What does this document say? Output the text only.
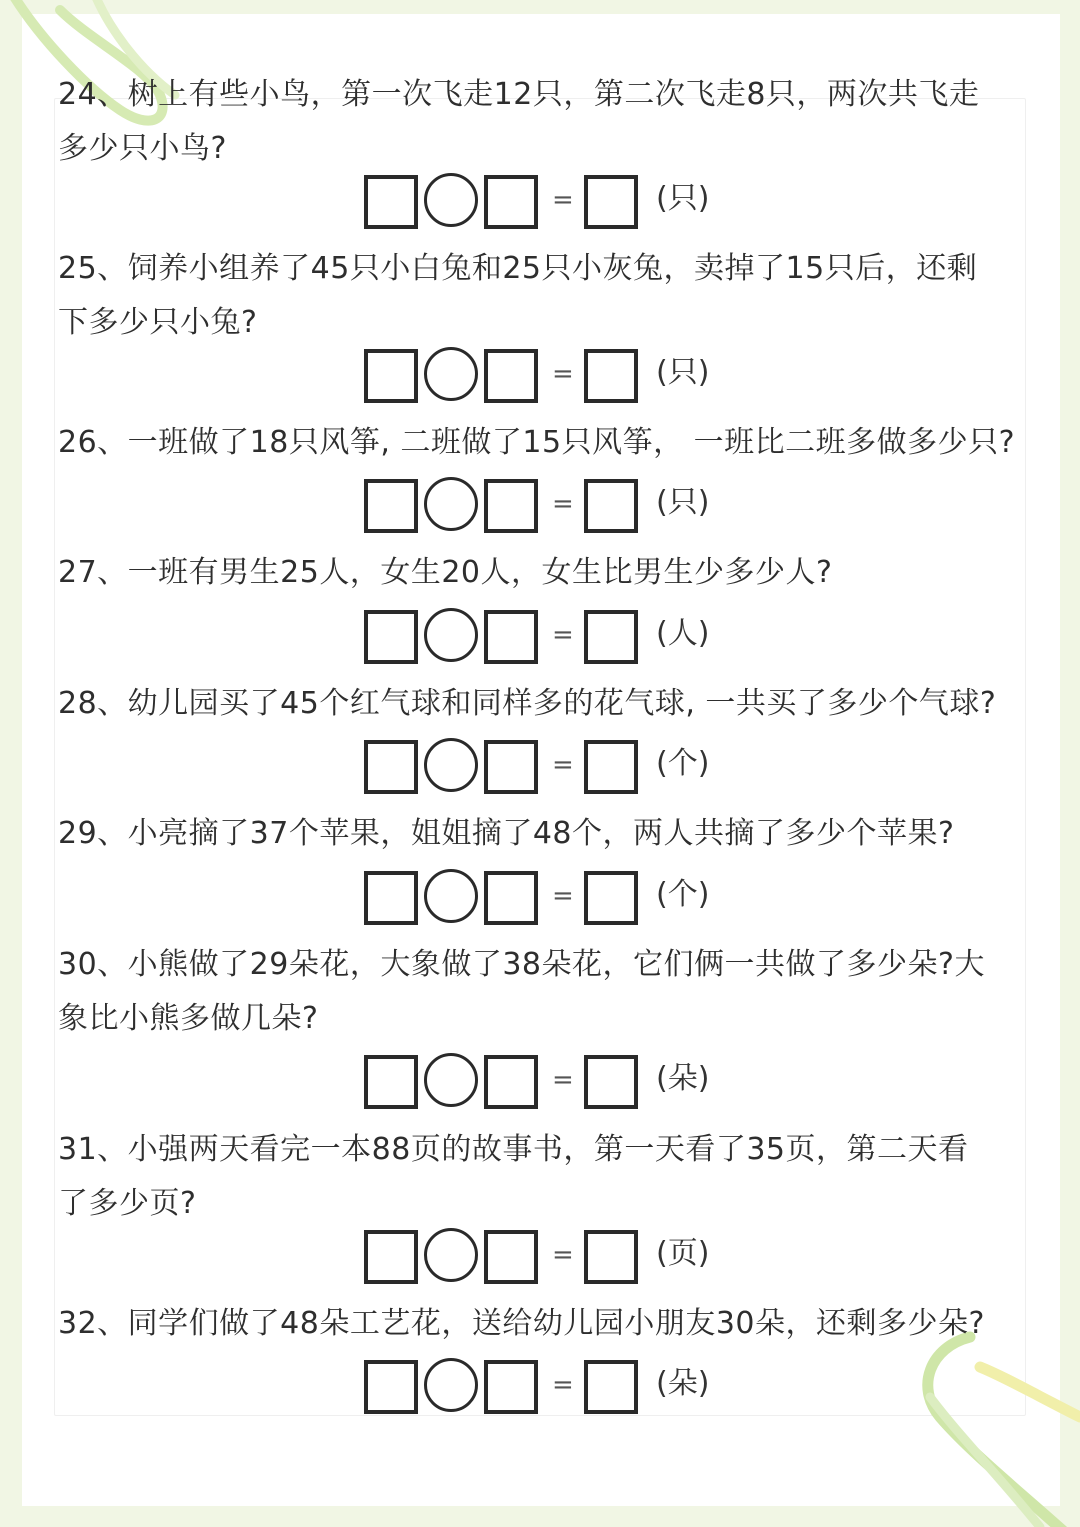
24、树上有些小鸟，第一次飞走12只，第二次飞走8只，两次共飞走
多少只小鸟?

=	(只)

25、饲养小组养了45只小白兔和25只小灰兔，卖掉了15只后，还剩
下多少只小兔?

=	(只)

26、一班做了18只风筝, 二班做了15只风筝， 一班比二班多做多少只?

=	(只)

27、一班有男生25人，女生20人，女生比男生少多少人?

=	(人)

28、幼儿园买了45个红气球和同样多的花气球, 一共买了多少个气球?

=	(个)

29、小亮摘了37个苹果，姐姐摘了48个，两人共摘了多少个苹果?

=	(个)

30、小熊做了29朵花，大象做了38朵花，它们俩一共做了多少朵?大
象比小熊多做几朵?

=	(朵)

31、小强两天看完一本88页的故事书，第一天看了35页，第二天看
了多少页?

=	(页)

32、同学们做了48朵工艺花，送给幼儿园小朋友30朵，还剩多少朵?

=	(朵)
